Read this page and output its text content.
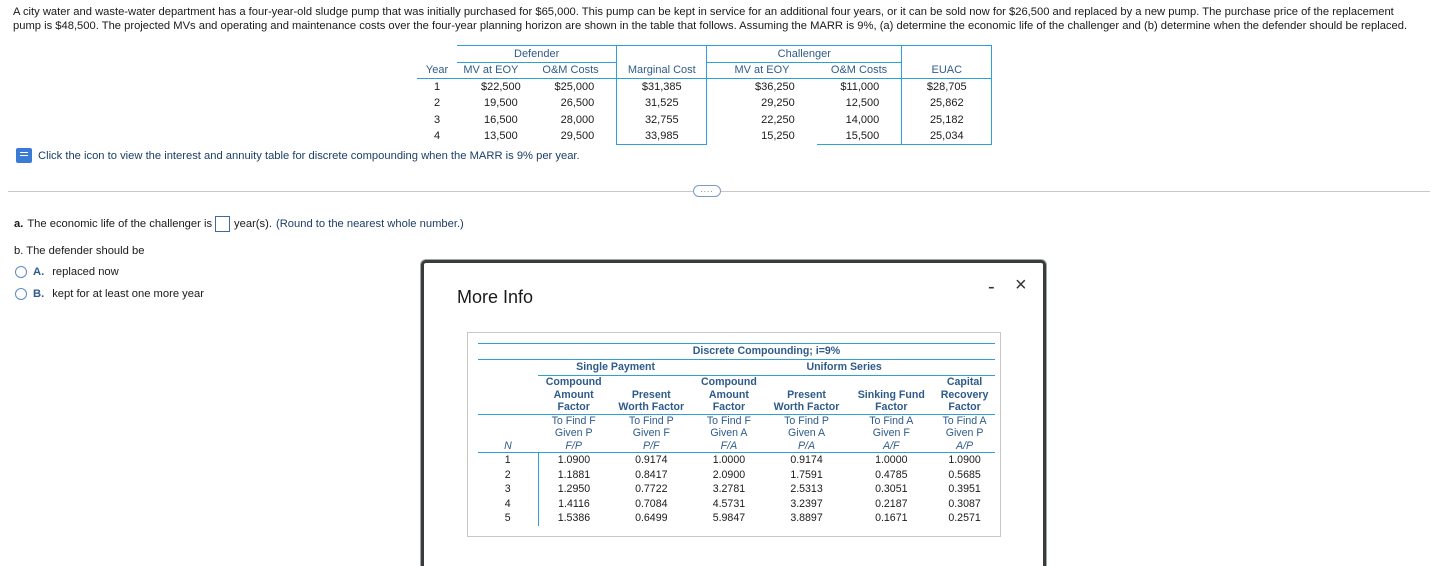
A city water and waste-water department has a four-year-old sludge pump that was initially purchased for $65,000. This pump can be kept in service for an additional four years, or it can be sold now for $26,500 and replaced by a new pump. The purchase price of the replacement pump is $48,500. The projected MVs and operating and maintenance costs over the four-year planning horizon are shown in the table that follows. Assuming the MARR is 9%, (a) determine the economic life of the challenger and (b) determine when the defender should be replaced.
	Defender			Challenger		
Year	MV at EOY	O&M Costs	Marginal Cost	MV at EOY	O&M Costs	EUAC
1	$22,500	$25,000	$31,385	$36,250	$11,000	$28,705
2	19,500	26,500	31,525	29,250	12,500	25,862
3	16,500	28,000	32,755	22,250	14,000	25,182
4	13,500	29,500	33,985	15,250	15,500	25,034
Click the icon to view the interest and annuity table for discrete compounding when the MARR is 9% per year.
....
a. The economic life of the challenger is year(s). (Round to the nearest whole number.)
b. The defender should be
A. replaced now
B. kept for at least one more year	More Info	- ×
	Discrete Compounding; i=9%					
	Single Payment		Uniform Series			
	Compound		Compound			Capital
	Amount	Present	Amount	Present	Sinking Fund	Recovery
	Factor	Worth Factor	Factor	Worth Factor	Factor	Factor
	To Find F	To Find P	To Find F	To Find P	To Find A	To Find A
	Given P	Given F	Given A	Given A	Given F	Given P
N	F/P	P/F	F/A	P/A	A/F	A/P
1	1.0900	0.9174	1.0000	0.9174	1.0000	1.0900
2	1.1881	0.8417	2.0900	1.7591	0.4785	0.5685
3	1.2950	0.7722	3.2781	2.5313	0.3051	0.3951
4	1.4116	0.7084	4.5731	3.2397	0.2187	0.3087
5	1.5386	0.6499	5.9847	3.8897	0.1671	0.2571
